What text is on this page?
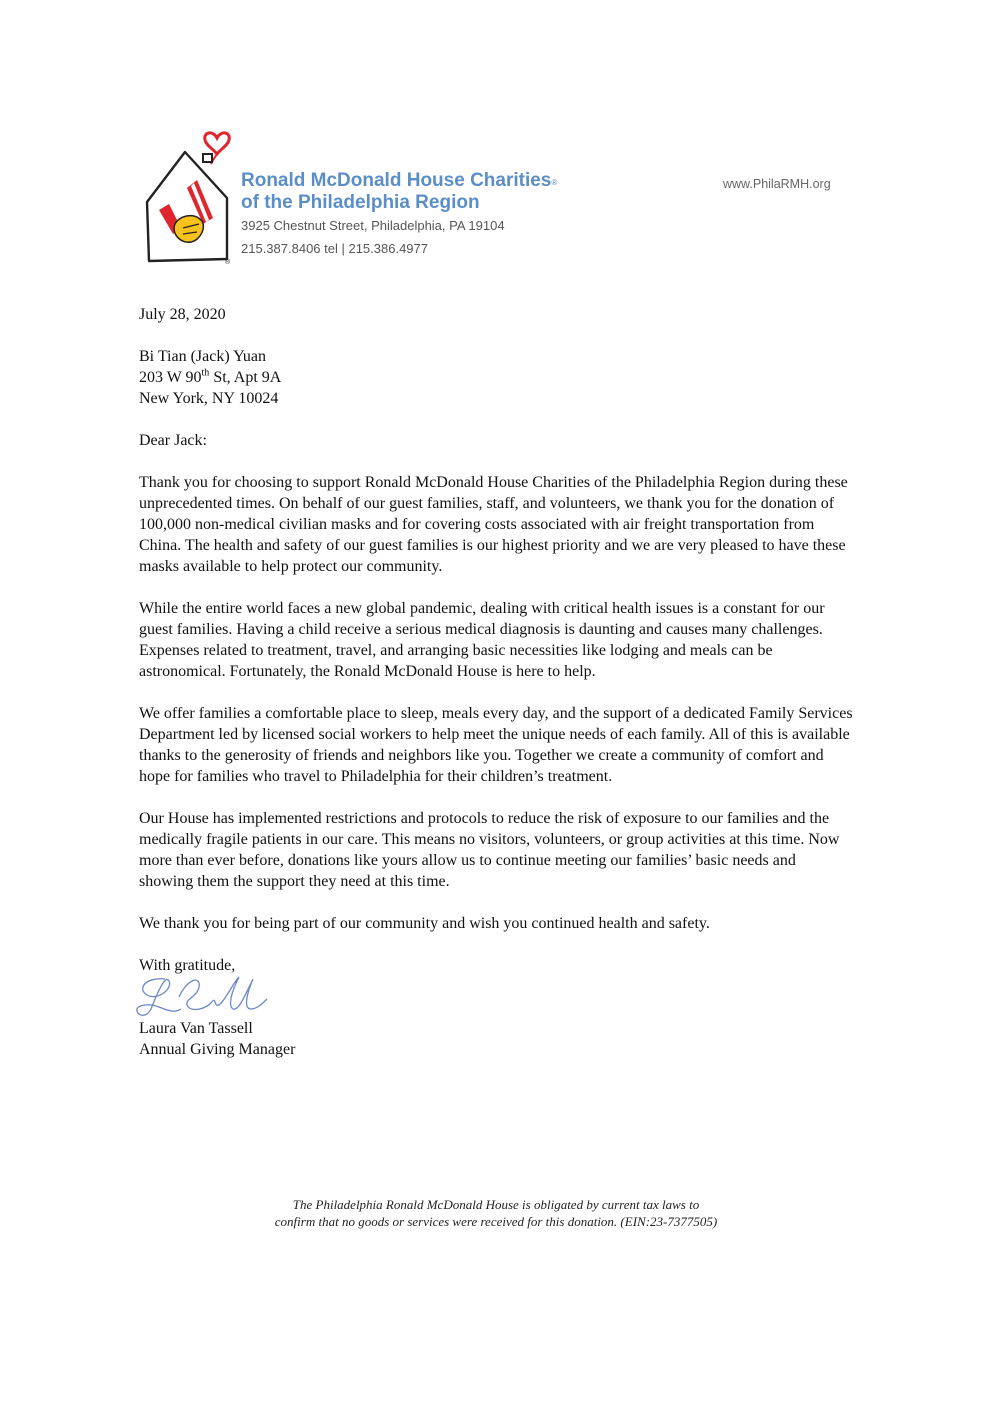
®
Ronald McDonald House Charities®
of the Philadelphia Region
3925 Chestnut Street, Philadelphia, PA 19104
215.387.8406 tel | 215.386.4977
www.PhilaRMH.org

July 28, 2020

Bi Tian (Jack) Yuan

203 W 90th St, Apt 9A

New York, NY 10024

Dear Jack:

Thank you for choosing to support Ronald McDonald House Charities of the Philadelphia Region during these unprecedented times. On behalf of our guest families, staff, and volunteers, we thank you for the donation of 100,000 non-medical civilian masks and for covering costs associated with air freight transportation from China. The health and safety of our guest families is our highest priority and we are very pleased to have these masks available to help protect our community.

While the entire world faces a new global pandemic, dealing with critical health issues is a constant for our guest families. Having a child receive a serious medical diagnosis is daunting and causes many challenges. Expenses related to treatment, travel, and arranging basic necessities like lodging and meals can be astronomical. Fortunately, the Ronald McDonald House is here to help.

We offer families a comfortable place to sleep, meals every day, and the support of a dedicated Family Services Department led by licensed social workers to help meet the unique needs of each family. All of this is available thanks to the generosity of friends and neighbors like you. Together we create a community of comfort and hope for families who travel to Philadelphia for their children’s treatment.

Our House has implemented restrictions and protocols to reduce the risk of exposure to our families and the medically fragile patients in our care. This means no visitors, volunteers, or group activities at this time. Now more than ever before, donations like yours allow us to continue meeting our families’ basic needs and showing them the support they need at this time.

We thank you for being part of our community and wish you continued health and safety.

With gratitude,

Laura Van Tassell

Annual Giving Manager

The Philadelphia Ronald McDonald House is obligated by current tax laws to

confirm that no goods or services were received for this donation. (EIN:23-7377505)
